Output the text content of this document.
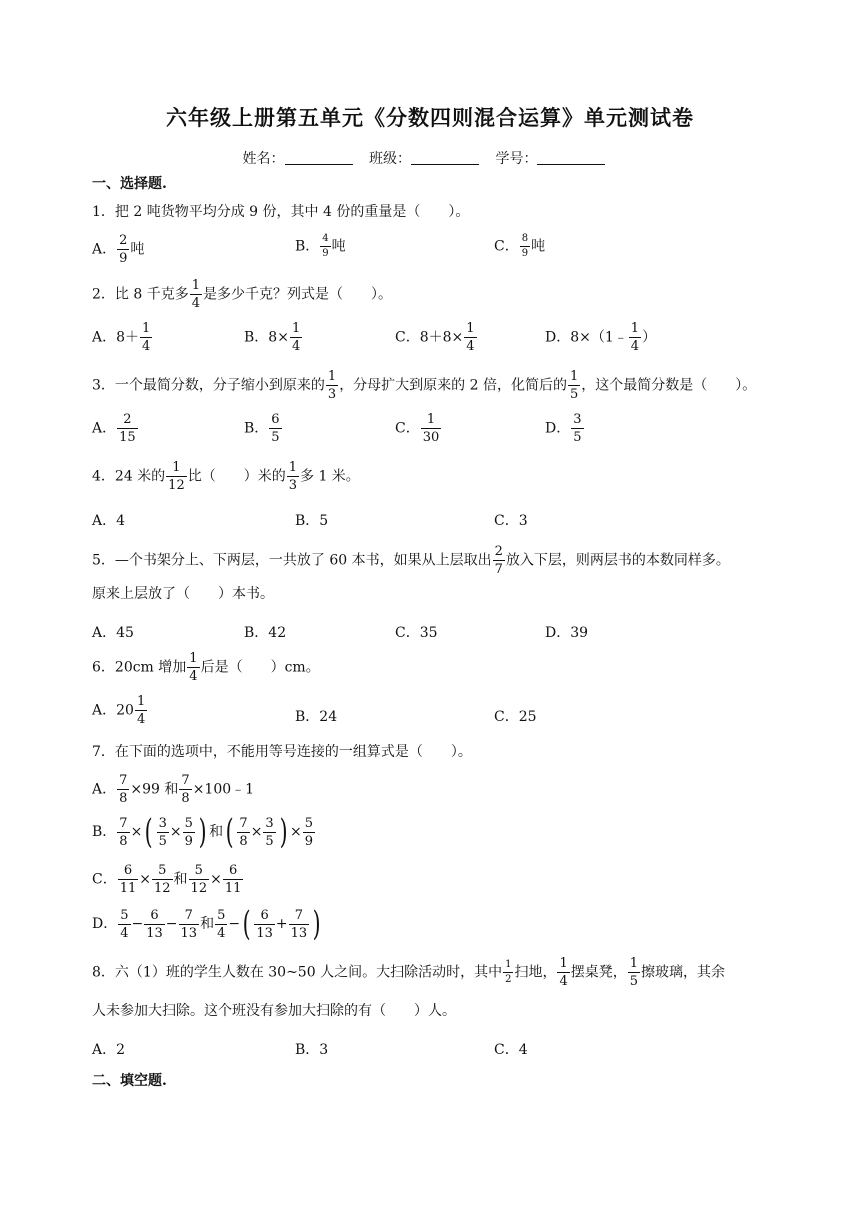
六年级上册第五单元《分数四则混合运算》单元测试卷
姓名：	班级：	学号：
一、选择题.
1．把 2 吨货物平均分成 9 份，其中 4 份的重量是（　　）。
A． $\frac{2}{9}$ 吨	B． $\frac{4}{9}$ 吨	C． $\frac{8}{9}$ 吨
2．比 8 千克多 $\frac{1}{4}$ 是多少千克？列式是（　　）。
A．$8+ \frac{1}{4}$	B．$8\times \frac{1}{4}$	C．$8+8\times \frac{1}{4}$	D．8×（1﹣ $\frac{1}{4}$ ）
3．一个最简分数，分子缩小到原来的 $\frac{1}{3}$ ，分母扩大到原来的 2 倍，化简后的 $\frac{1}{5}$ ，这个最简分数是（　　）。
A． $\frac{2}{15}$	B． $\frac{6}{5}$	C． $\frac{1}{30}$	D． $\frac{3}{5}$
4．24 米的 $\frac{1}{12}$ 比（　　）米的 $\frac{1}{3}$ 多 1 米。
A．4	B．5	C．3
5．—个书架分上、下两层，一共放了 60 本书，如果从上层取出 $\frac{2}{7}$ 放入下层，则两层书的本数同样多。
原来上层放了（　　）本书。
A．45	B．42	C．35	D．39
6．20cm 增加 $\frac{1}{4}$ 后是（　　）cm。
A．$20 \frac{1}{4}$	B．24	C．25
7．在下面的选项中，不能用等号连接的一组算式是（　　）。
A． $\frac{7}{8} \times 99$ 和 $\frac{7}{8}$ ×100﹣1
B． $\frac{7}{8}$ ×( $\frac{3}{5} \times \frac{5}{9}$ ) 和( $\frac{7}{8} \times \frac{3}{5}$ ) × $\frac{5}{9}$
C． $\frac{6}{11} \times \frac{5}{12}$ 和 $\frac{5}{12} \times \frac{6}{11}$
D． $\frac{5}{4} - \frac{6}{13} - \frac{7}{13}$ 和 $\frac{5}{4}$ −( $\frac{6}{13} + \frac{7}{13}$ )
8．六（1）班的学生人数在 30~50 人之间。大扫除活动时，其中 $\frac{1}{2}$ 扫地， $\frac{1}{4}$ 摆桌凳， $\frac{1}{5}$ 擦玻璃，其余
人未参加大扫除。这个班没有参加大扫除的有（　　）人。
A．2	B．3	C．4
二、填空题.
